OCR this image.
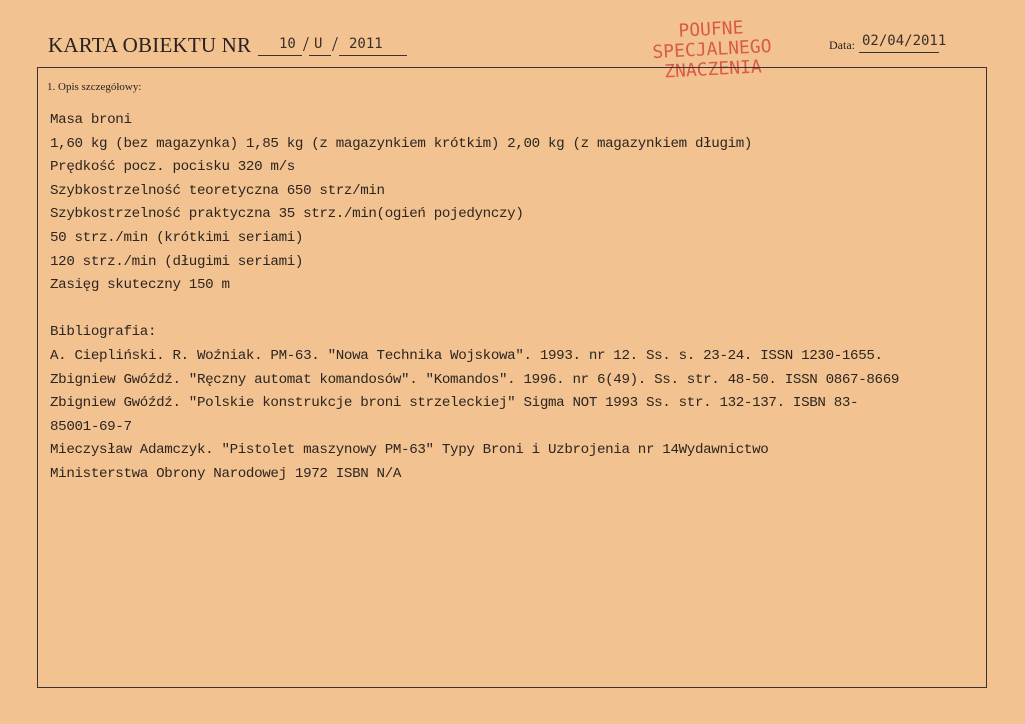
KARTA OBIEKTU NR 10 / U / 2011
POUFNE
SPECJALNEGO
ZNACZENIA
Data: 02/04/2011
1. Opis szczegółowy:
Masa broni
1,60 kg (bez magazynka) 1,85 kg (z magazynkiem krótkim) 2,00 kg (z magazynkiem długim)
Prędkość pocz. pocisku 320 m/s
Szybkostrzelność teoretyczna 650 strz/min
Szybkostrzelność praktyczna 35 strz./min(ogień pojedynczy)
50 strz./min (krótkimi seriami)
120 strz./min (długimi seriami)
Zasięg skuteczny 150 m
Bibliografia:
A. Ciepliński. R. Woźniak. PM-63. "Nowa Technika Wojskowa". 1993. nr 12. Ss. s. 23-24. ISSN 1230-1655.
Zbigniew Gwóźdź. "Ręczny automat komandosów". "Komandos". 1996. nr 6(49). Ss. str. 48-50. ISSN 0867-8669
Zbigniew Gwóźdź. "Polskie konstrukcje broni strzeleckiej" Sigma NOT 1993 Ss. str. 132-137. ISBN 83-
85001-69-7
Mieczysław Adamczyk. "Pistolet maszynowy PM-63" Typy Broni i Uzbrojenia nr 14Wydawnictwo
Ministerstwa Obrony Narodowej 1972 ISBN N/A
